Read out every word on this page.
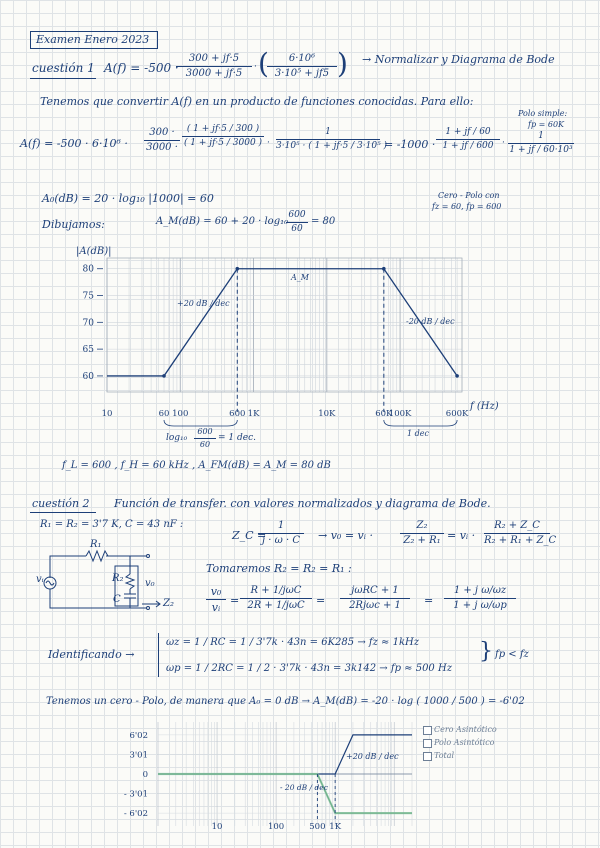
Examen Enero 2023
cuestión 1 A(f) = -500 ·
$\frac{300 + jf\cdot 5}{3000 + jf\cdot 5}$ · (
$\frac{\text{6·10⁶}}{\text{3·10⁵ + jf5}}$ ) → Normalizar y Diagrama de Bode
Tenemos que convertir A(f) en un producto de funciones conocidas. Para ello:
$A(f) = -500 \cdot 6\cdot 10^6 \cdot \frac{300 \cdot}{3000 \cdot} \frac{( 1 + jf\cdot 5 / 300 )}{( 1 + jf\cdot 5 / 3000 )} \cdot \frac{1}{\text{3·10⁵ · ( 1 + jf·5 / 3·10⁵ )}} = -1000 \cdot \frac{1 + jf / 60}{1 + jf / 600} \cdot \frac{1}{\text{1 + jf / 60·10³}}$
Polo simple:
fp = 60K
Cero - Polo con
fz = 60, fp = 600
A₀(dB) = 20 · log₁₀ |1000| = 60
Dibujamos:	A_M(dB) = 60 + 20 · log₁₀
$\frac{600}{60} = 80$
|A(dB)|
f (Hz)
60
65
70
75
80
10	60 100	600 1K	10K	60K
100K	600K
+20 dB / dec
-20 dB / dec
A_M
1 dec
f_L = 600 , f_H = 60 kHz , A_FM(dB) = A_M = 80 dB
$\log_{10} \frac{600}{60} = 1$ dec.
cuestión 2 Función de transfer. con valores normalizados y diagrama de Bode.
R₁ = R₂ = 3'7 K, C = 43 nF :
vᵢ
R₁
R₂
C
v₀
Z₂
Z_C =
$\frac{1}{j \cdot \omega \cdot C} \to v_0$ = vᵢ ·	$\frac{\text{Z₂}}{\text{Z₂ + R₁}}$ = vᵢ · $\frac{\text{R₂ + Z\_C}}{\text{R₂ + R₁ + Z\_C}}$
Tomaremos R₂ = R₂ = R₁ :
$\frac{\text{v₀}}{\text{vᵢ}}$ =
R + 1/jωC
2R + 1/jωC	=
jωRC + 1
2Rjωc + 1	= $\frac{\text{1 + j ω/ωz}}{\text{1 + j ω/ωp}}$
Identificando →
ωz = 1 / RC = 1 / 3'7k · 43n = 6K285 → fz ≈ 1kHz
ωp = 1 / 2RC = 1 / 2 · 3'7k · 43n = 3k142 → fp ≈ 500 Hz
} fp < fz
Tenemos un cero - Polo, de manera que A₀ = 0 dB → A_M(dB) = -20 · log ( 1000 / 500 ) = -6'02
6'02
3'01
0
- 3'01
- 6'02
10	100	500 1K
+20 dB / dec
- 20 dB / dec
Cero Asintótico
Polo Asintótico
Total
